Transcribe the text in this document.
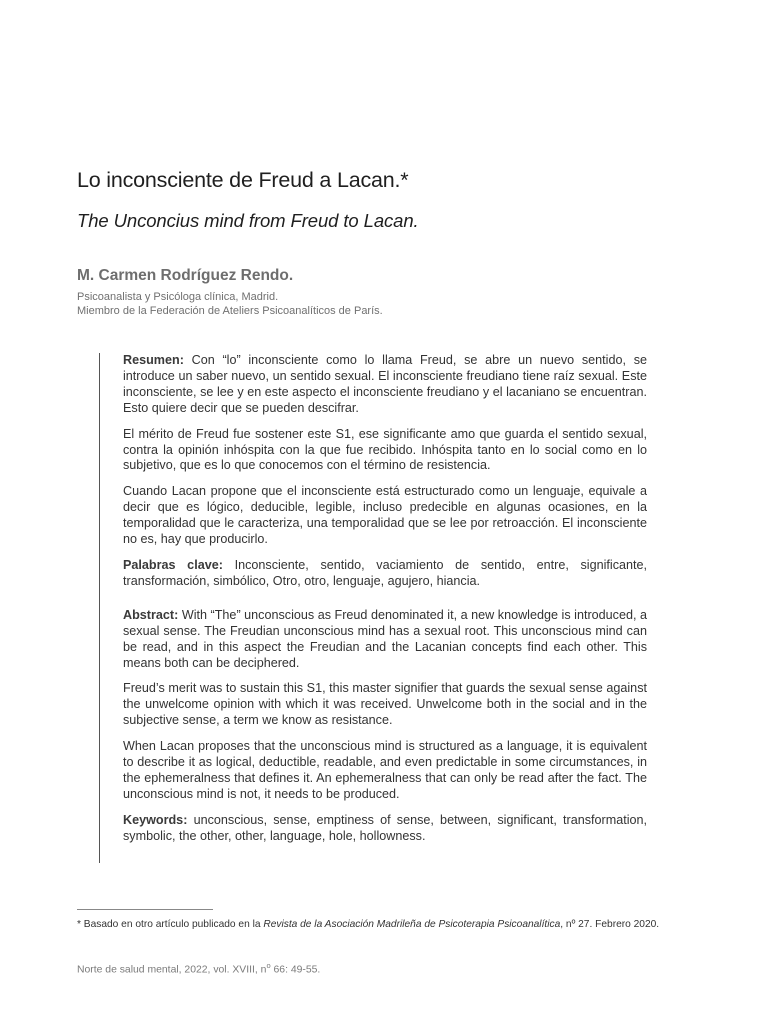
Lo inconsciente de Freud a Lacan.*
The Unconcius mind from Freud to Lacan.
M. Carmen Rodríguez Rendo.
Psicoanalista y Psicóloga clínica, Madrid.
Miembro de la Federación de Ateliers Psicoanalíticos de París.

Resumen: Con “lo” inconsciente como lo llama Freud, se abre un nuevo sentido, se introduce un saber nuevo, un sentido sexual. El inconsciente freudiano tiene raíz sexual. Este inconsciente, se lee y en este aspecto el inconsciente freudiano y el lacaniano se encuentran. Esto quiere decir que se pueden descifrar.

El mérito de Freud fue sostener este S1, ese significante amo que guarda el sentido sexual, contra la opinión inhóspita con la que fue recibido. Inhóspita tanto en lo social como en lo subjetivo, que es lo que conocemos con el término de resistencia.

Cuando Lacan propone que el inconsciente está estructurado como un lenguaje, equivale a decir que es lógico, deducible, legible, incluso predecible en algunas ocasiones, en la temporalidad que le caracteriza, una temporalidad que se lee por retroacción. El inconsciente no es, hay que producirlo.

Palabras clave: Inconsciente, sentido, vaciamiento de sentido, entre, significante, transformación, simbólico, Otro, otro, lenguaje, agujero, hiancia.

Abstract: With “The” unconscious as Freud denominated it, a new knowledge is introduced, a sexual sense. The Freudian unconscious mind has a sexual root. This unconscious mind can be read, and in this aspect the Freudian and the Lacanian concepts find each other. This means both can be deciphered.

Freud’s merit was to sustain this S1, this master signifier that guards the sexual sense against the unwelcome opinion with which it was received. Unwelcome both in the social and in the subjective sense, a term we know as resistance.

When Lacan proposes that the unconscious mind is structured as a language, it is equivalent to describe it as logical, deductible, readable, and even predictable in some circumstances, in the ephemeralness that defines it. An ephemeralness that can only be read after the fact. The unconscious mind is not, it needs to be produced.

Keywords: unconscious, sense, emptiness of sense, between, significant, transformation, symbolic, the other, other, language, hole, hollowness.

* Basado en otro artículo publicado en la Revista de la Asociación Madrileña de Psicoterapia Psicoanalítica, nº 27. Febrero 2020.
Norte de salud mental, 2022, vol. XVIII, $n^o$ 66: 49-55.
